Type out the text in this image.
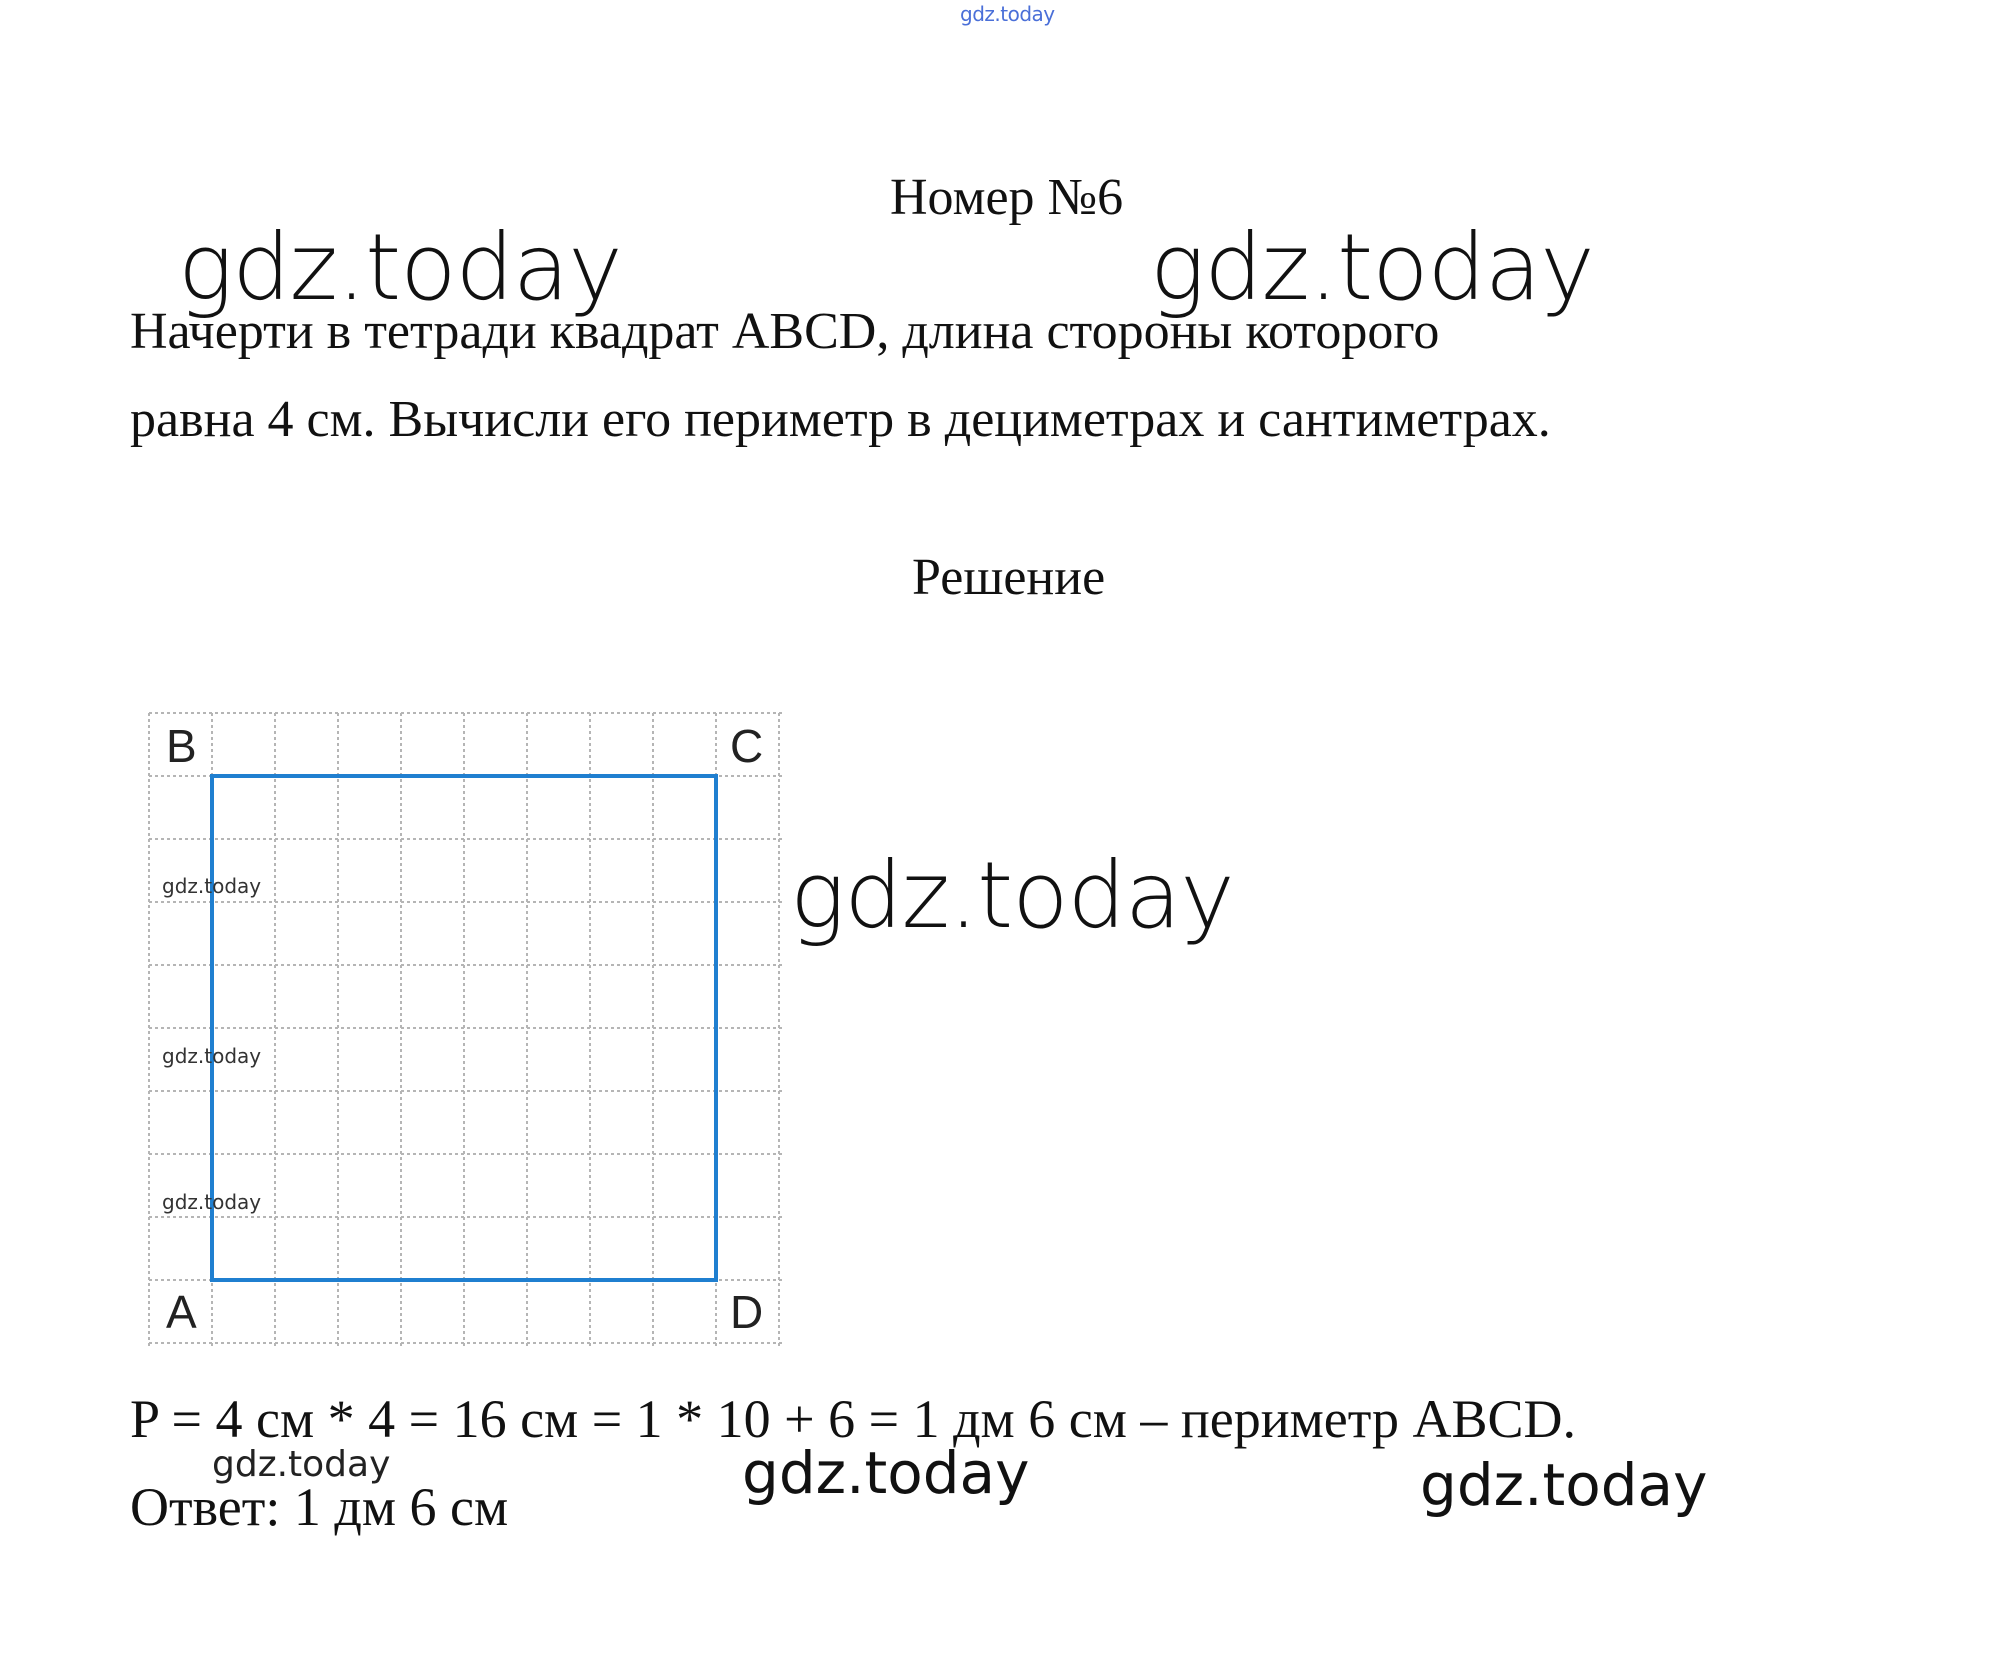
gdz.today
Номер №6
gdz.today	gdz.today
Начерти в тетради квадрат ABCD, длина стороны которого
равна 4 см. Вычисли его периметр в дециметрах и сантиметрах.
Решение
B	C
A	D
gdz.today
gdz.today
gdz.today
gdz.today
P = 4 см * 4 = 16 см = 1 * 10 + 6 = 1 дм 6 см – периметр ABCD.
gdz.today	gdz.today	gdz.today
Ответ: 1 дм 6 см
